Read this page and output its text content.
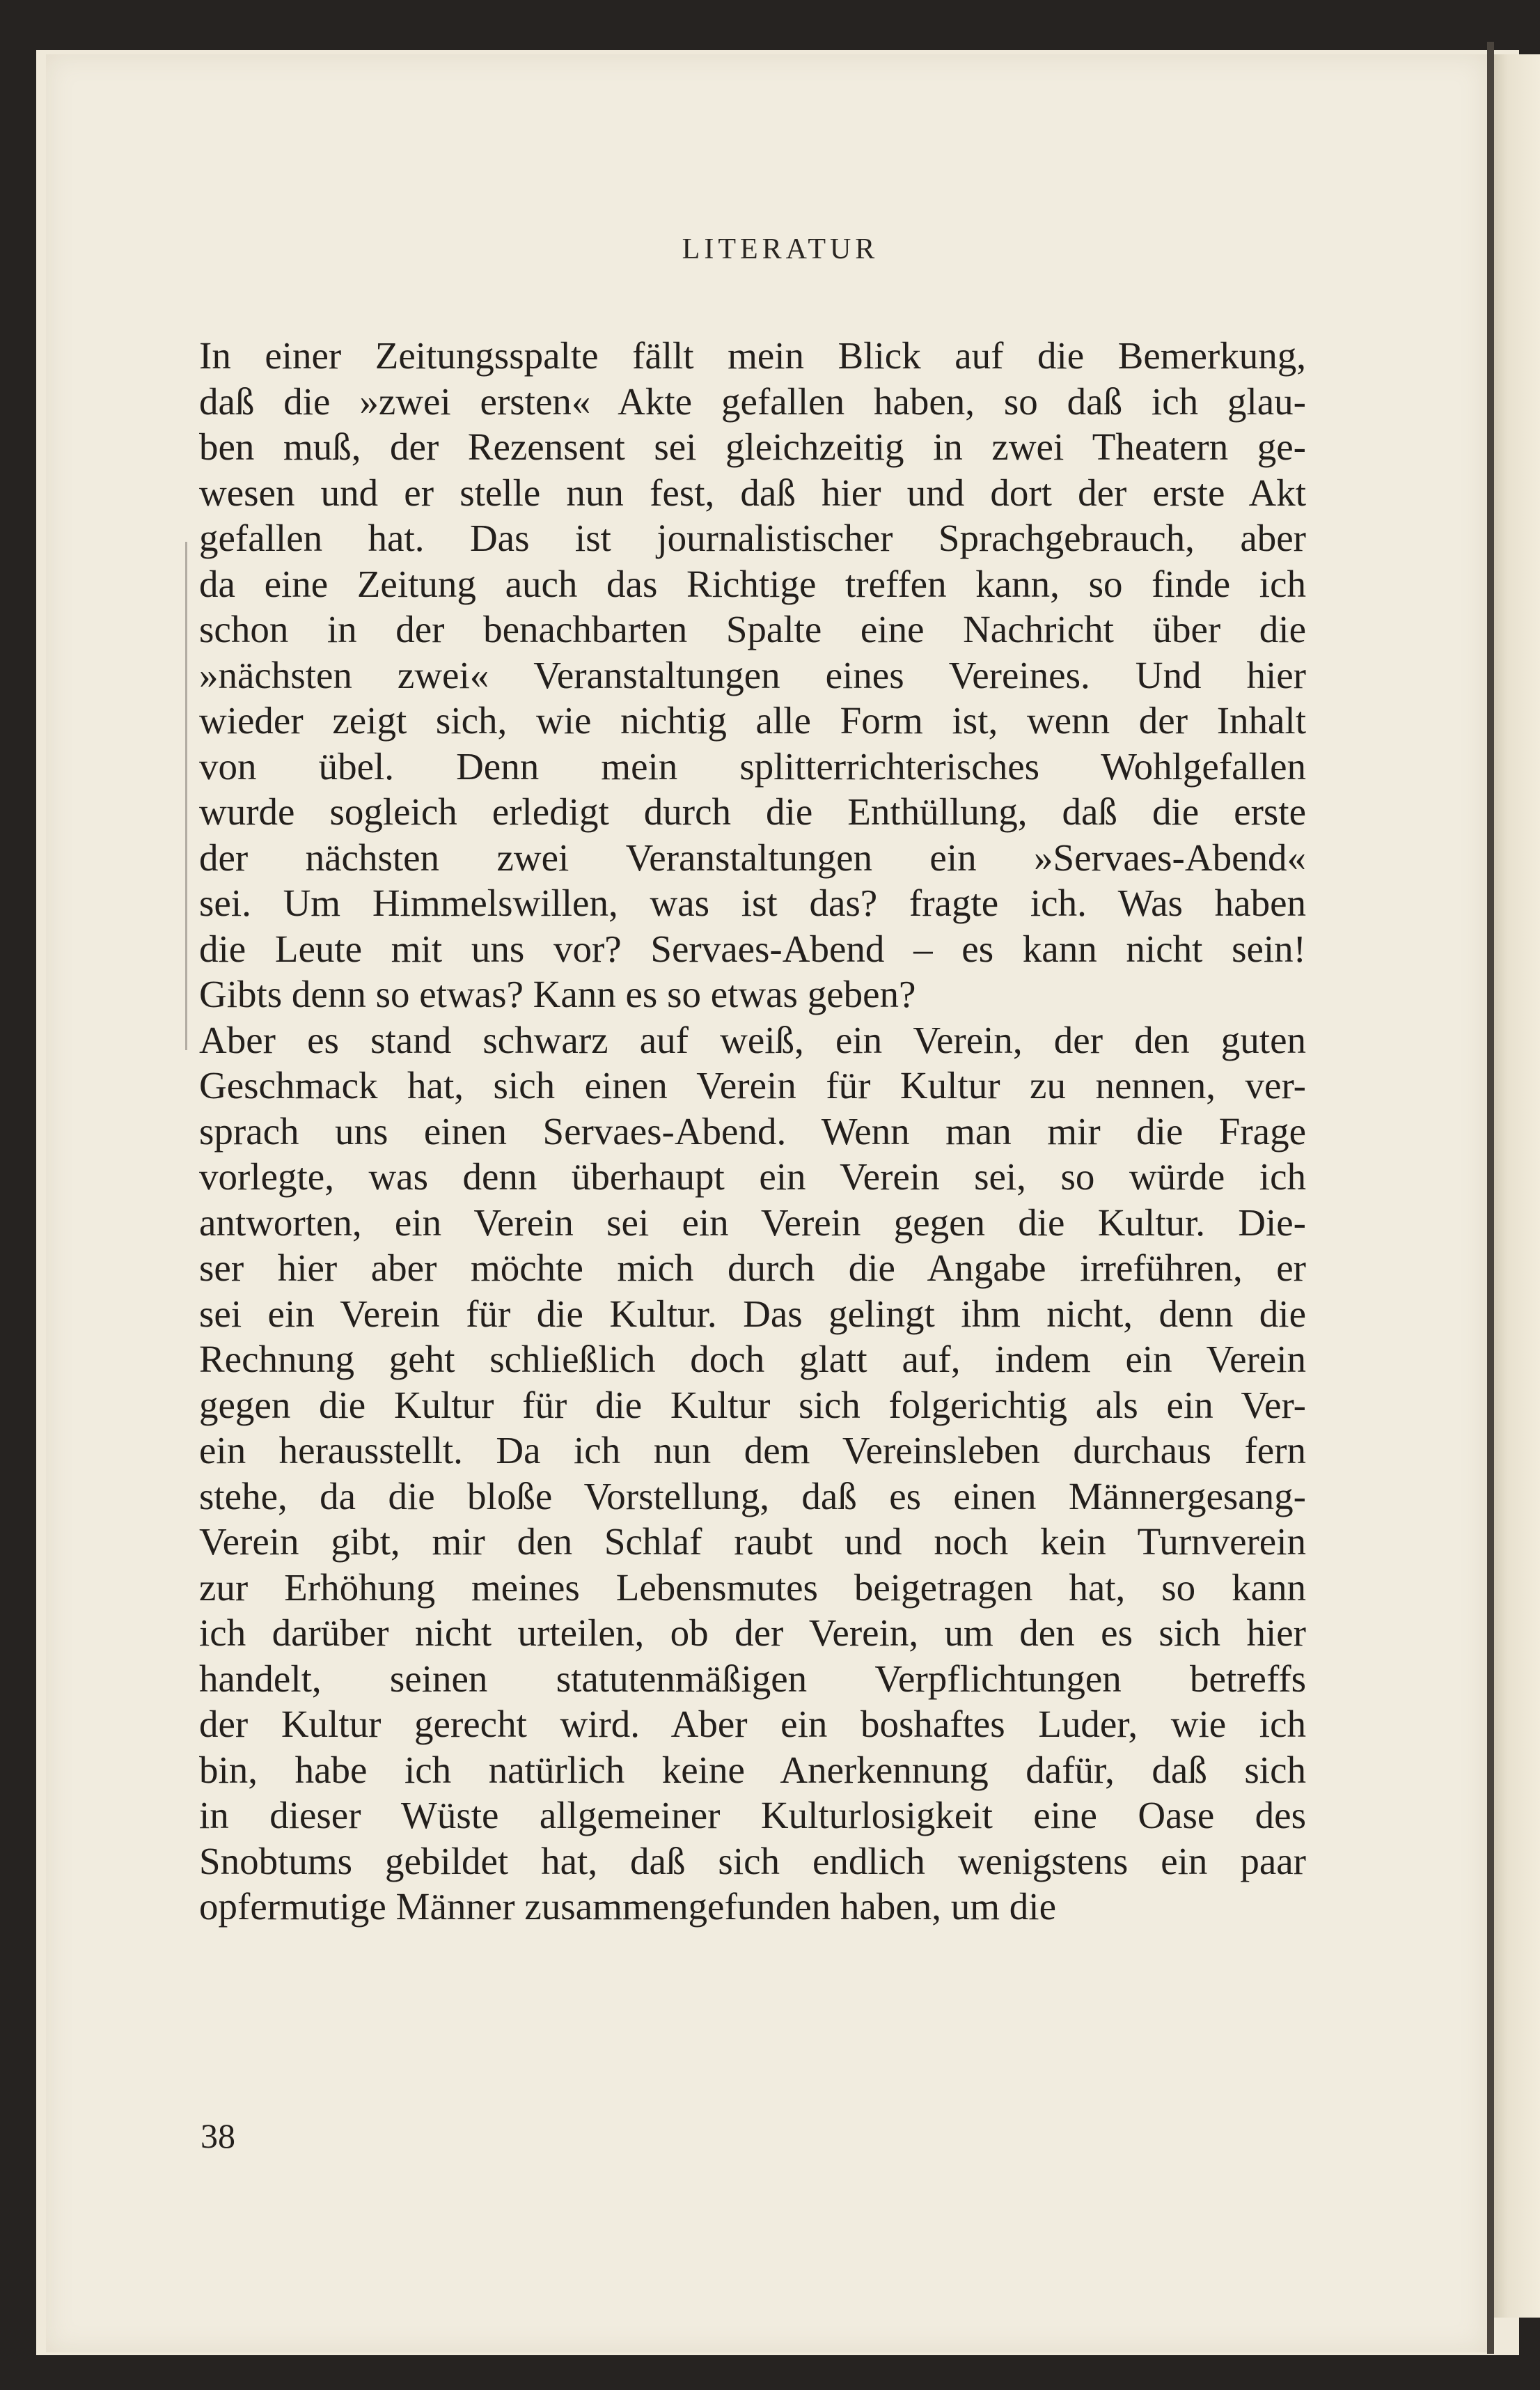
LITERATUR
In einer Zeitungsspalte fällt mein Blick auf die Bemerkung,
daß die »zwei ersten« Akte gefallen haben, so daß ich glau-
ben muß, der Rezensent sei gleichzeitig in zwei Theatern ge-
wesen und er stelle nun fest, daß hier und dort der erste Akt
gefallen hat. Das ist journalistischer Sprachgebrauch, aber
da eine Zeitung auch das Richtige treffen kann, so finde ich
schon in der benachbarten Spalte eine Nachricht über die
»nächsten zwei« Veranstaltungen eines Vereines. Und hier
wieder zeigt sich, wie nichtig alle Form ist, wenn der Inhalt
von übel. Denn mein splitterrichterisches Wohlgefallen
wurde sogleich erledigt durch die Enthüllung, daß die erste
der nächsten zwei Veranstaltungen ein »Servaes-Abend«
sei. Um Himmelswillen, was ist das? fragte ich. Was haben
die Leute mit uns vor? Servaes-Abend – es kann nicht sein!
Gibts denn so etwas? Kann es so etwas geben?
Aber es stand schwarz auf weiß, ein Verein, der den guten
Geschmack hat, sich einen Verein für Kultur zu nennen, ver-
sprach uns einen Servaes-Abend. Wenn man mir die Frage
vorlegte, was denn überhaupt ein Verein sei, so würde ich
antworten, ein Verein sei ein Verein gegen die Kultur. Die-
ser hier aber möchte mich durch die Angabe irreführen, er
sei ein Verein für die Kultur. Das gelingt ihm nicht, denn die
Rechnung geht schließlich doch glatt auf, indem ein Verein
gegen die Kultur für die Kultur sich folgerichtig als ein Ver-
ein herausstellt. Da ich nun dem Vereinsleben durchaus fern
stehe, da die bloße Vorstellung, daß es einen Männergesang-
Verein gibt, mir den Schlaf raubt und noch kein Turnverein
zur Erhöhung meines Lebensmutes beigetragen hat, so kann
ich darüber nicht urteilen, ob der Verein, um den es sich hier
handelt, seinen statutenmäßigen Verpflichtungen betreffs
der Kultur gerecht wird. Aber ein boshaftes Luder, wie ich
bin, habe ich natürlich keine Anerkennung dafür, daß sich
in dieser Wüste allgemeiner Kulturlosigkeit eine Oase des
Snobtums gebildet hat, daß sich endlich wenigstens ein paar
opfermutige Männer zusammengefunden haben, um die
38
